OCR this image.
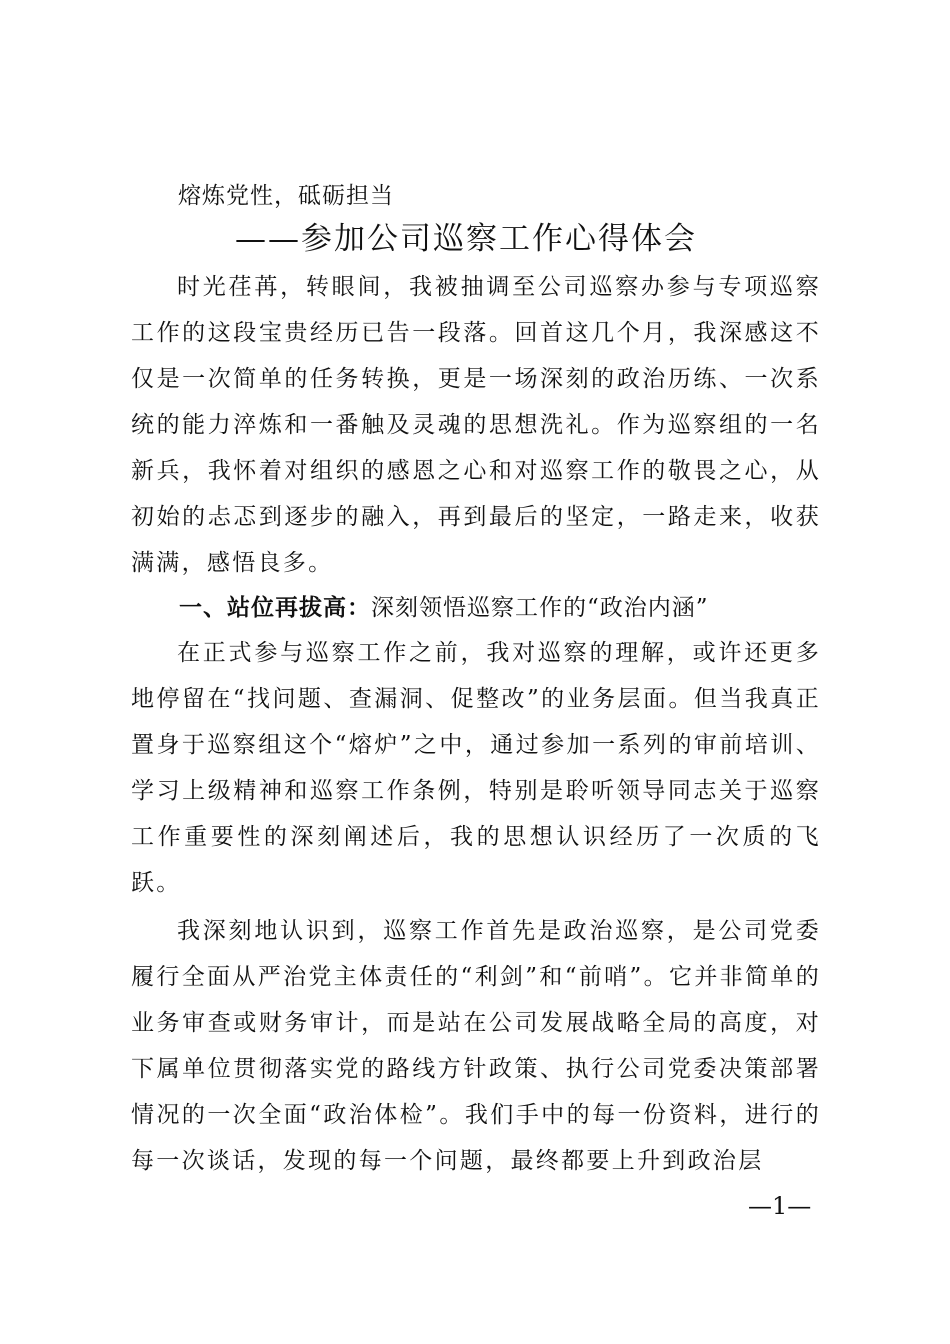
熔炼党性，砥砺担当
——参加公司巡察工作心得体会

时光荏苒，转眼间，我被抽调至公司巡察办参与专项巡察工作的这段宝贵经历已告一段落。回首这几个月，我深感这不仅是一次简单的任务转换，更是一场深刻的政治历练、一次系统的能力淬炼和一番触及灵魂的思想洗礼。作为巡察组的一名新兵，我怀着对组织的感恩之心和对巡察工作的敬畏之心，从初始的忐忑到逐步的融入，再到最后的坚定，一路走来，收获满满，感悟良多。

一、站位再拔高：深刻领悟巡察工作的“政治内涵”

在正式参与巡察工作之前，我对巡察的理解，或许还更多地停留在“找问题、查漏洞、促整改”的业务层面。但当我真正置身于巡察组这个“熔炉”之中，通过参加一系列的审前培训、学习上级精神和巡察工作条例，特别是聆听领导同志关于巡察工作重要性的深刻阐述后，我的思想认识经历了一次质的飞跃。

我深刻地认识到，巡察工作首先是政治巡察，是公司党委履行全面从严治党主体责任的“利剑”和“前哨”。它并非简单的业务审查或财务审计，而是站在公司发展战略全局的高度，对下属单位贯彻落实党的路线方针政策、执行公司党委决策部署情况的一次全面“政治体检”。我们手中的每一份资料，进行的每一次谈话，发现的每一个问题，最终都要上升到政治层

—1—
